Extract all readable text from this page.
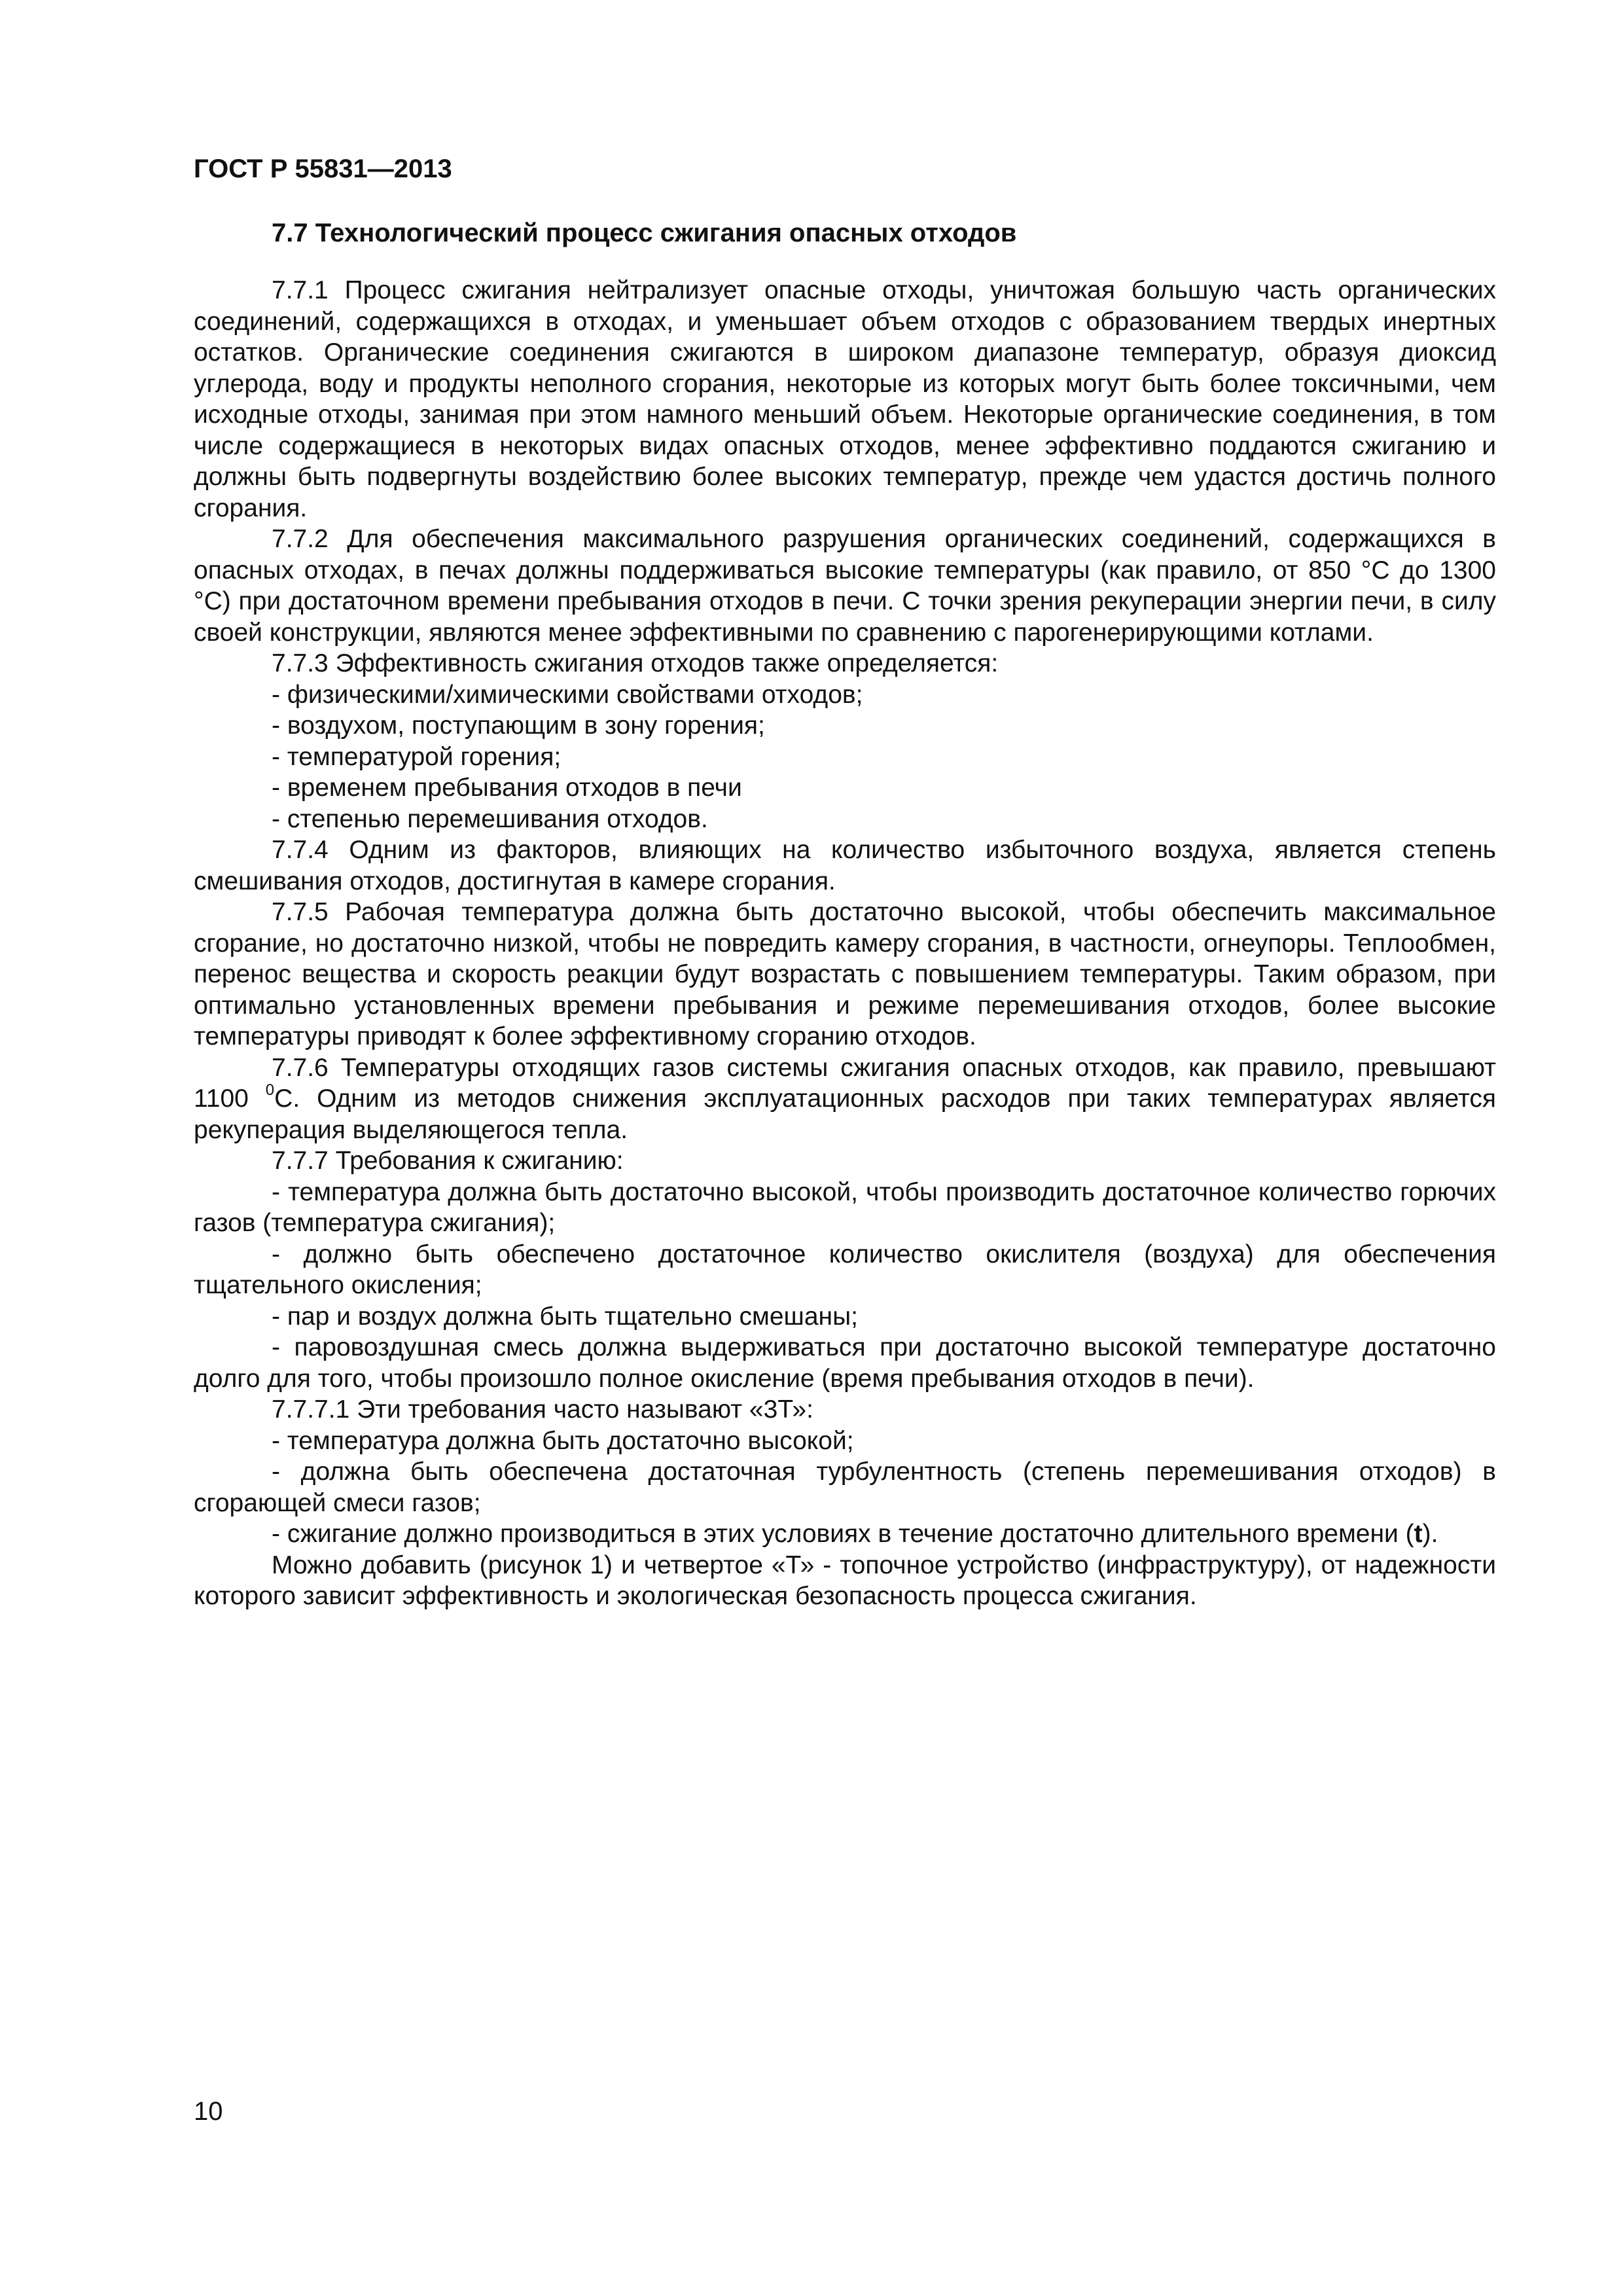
ГОСТ Р 55831—2013
7.7 Технологический процесс сжигания опасных отходов

7.7.1 Процесс сжигания нейтрализует опасные отходы, уничтожая большую часть органических соединений, содержащихся в отходах, и уменьшает объем отходов с образованием твердых инертных остатков. Органические соединения сжигаются в широком диапазоне температур, образуя диоксид углерода, воду и продукты неполного сгорания, некоторые из которых могут быть более токсичными, чем исходные отходы, занимая при этом намного меньший объем. Некоторые органические соединения, в том числе содержащиеся в некоторых видах опасных отходов, менее эффективно поддаются сжиганию и должны быть подвергнуты воздействию более высоких температур, прежде чем удастся достичь полного сгорания.

7.7.2 Для обеспечения максимального разрушения органических соединений, содержащихся в опасных отходах, в печах должны поддерживаться высокие температуры (как правило, от 850 °С до 1300 °С) при достаточном времени пребывания отходов в печи. С точки зрения рекуперации энергии печи, в силу своей конструкции, являются менее эффективными по сравнению с парогенерирующими котлами.

7.7.3 Эффективность сжигания отходов также определяется:

- физическими/химическими свойствами отходов;

- воздухом, поступающим в зону горения;

- температурой горения;

- временем пребывания отходов в печи

- степенью перемешивания отходов.

7.7.4 Одним из факторов, влияющих на количество избыточного воздуха, является степень смешивания отходов, достигнутая в камере сгорания.

7.7.5 Рабочая температура должна быть достаточно высокой, чтобы обеспечить максимальное сгорание, но достаточно низкой, чтобы не повредить камеру сгорания, в частности, огнеупоры. Теплообмен, перенос вещества и скорость реакции будут возрастать с повышением температуры. Таким образом, при оптимально установленных времени пребывания и режиме перемешивания отходов, более высокие температуры приводят к более эффективному сгоранию отходов.

7.7.6 Температуры отходящих газов системы сжигания опасных отходов, как правило, превышают 1100 $^0$С. Одним из методов снижения эксплуатационных расходов при таких температурах является рекуперация выделяющегося тепла.

7.7.7 Требования к сжиганию:

- температура должна быть достаточно высокой, чтобы производить достаточное количество горючих газов (температура сжигания);

- должно быть обеспечено достаточное количество окислителя (воздуха) для обеспечения тщательного окисления;

- пар и воздух должна быть тщательно смешаны;

- паровоздушная смесь должна выдерживаться при достаточно высокой температуре достаточно долго для того, чтобы произошло полное окисление (время пребывания отходов в печи).

7.7.7.1 Эти требования часто называют «3Т»:

- температура должна быть достаточно высокой;

- должна быть обеспечена достаточная турбулентность (степень перемешивания отходов) в сгорающей смеси газов;

- сжигание должно производиться в этих условиях в течение достаточно длительного времени (t).

Можно добавить (рисунок 1) и четвертое «Т» - топочное устройство (инфраструктуру), от надежности которого зависит эффективность и экологическая безопасность процесса сжигания.

10
